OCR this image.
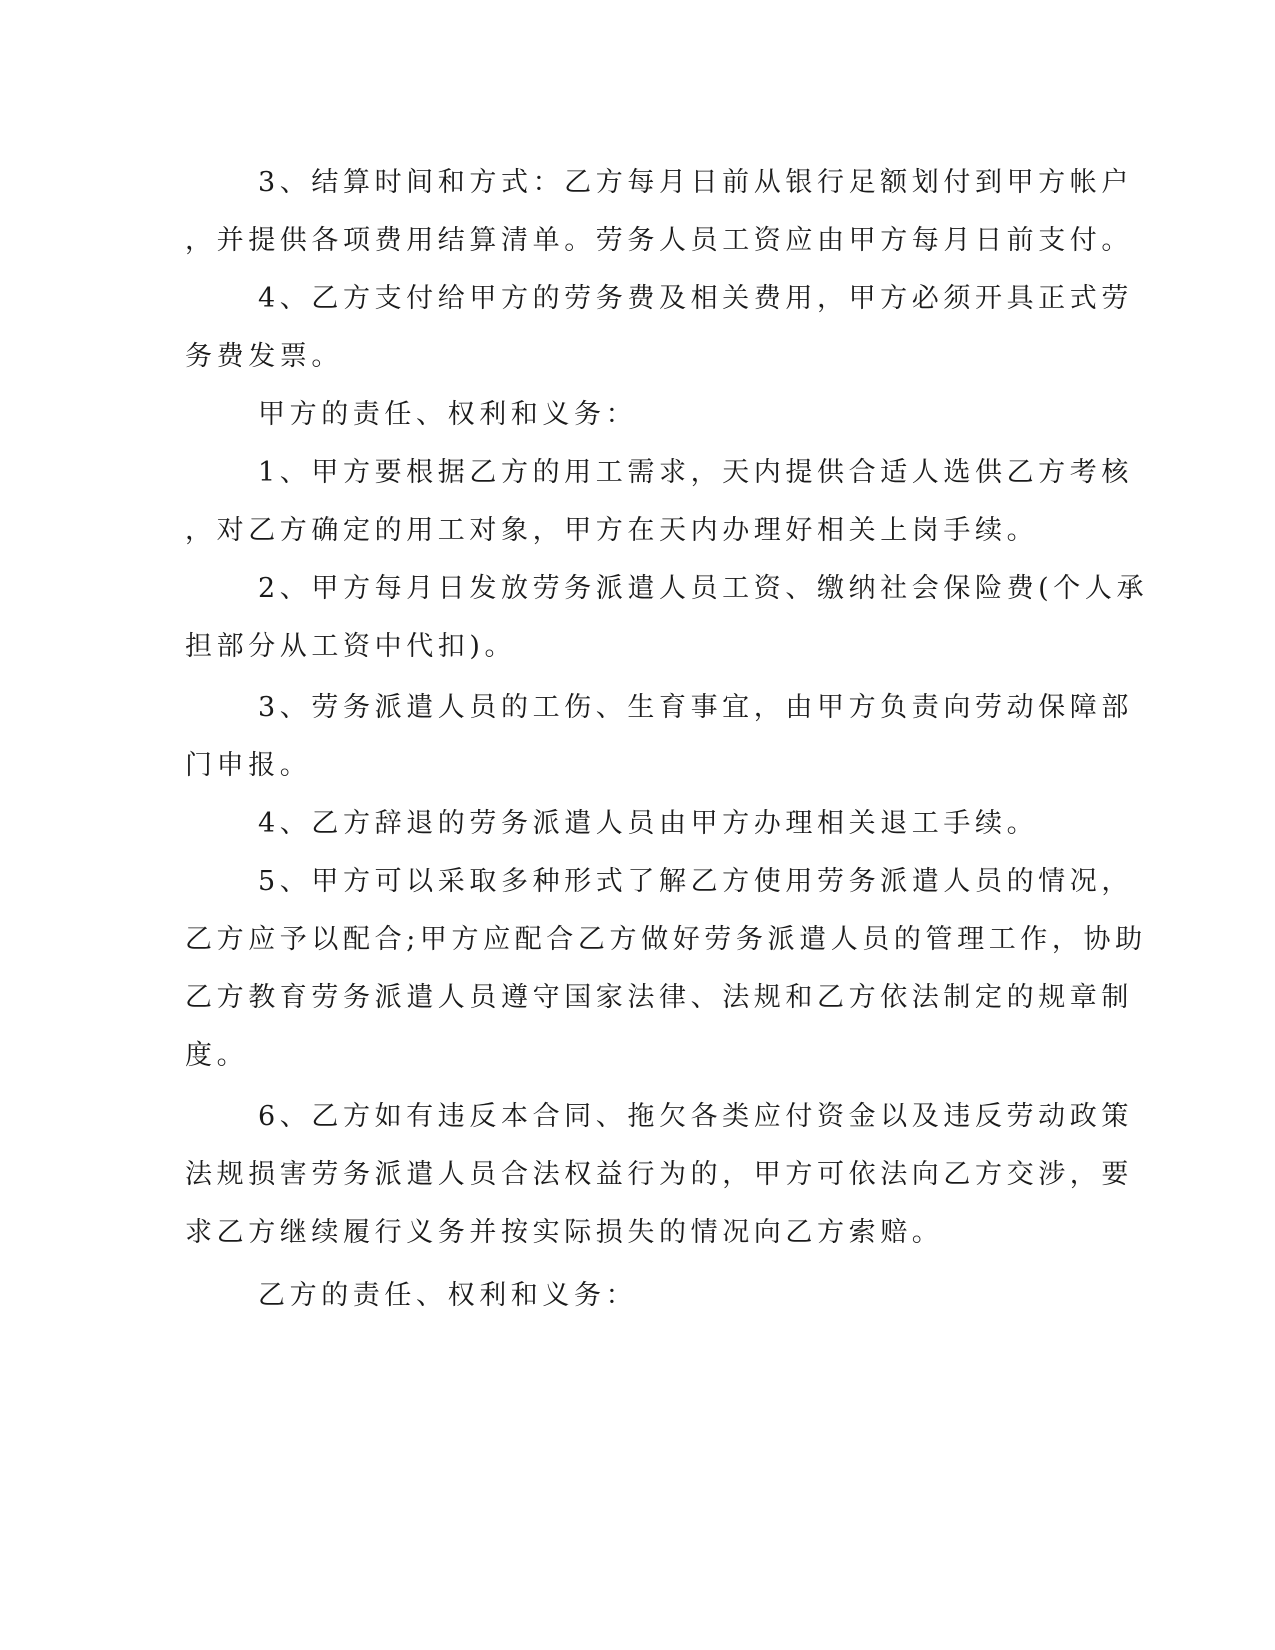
3、结算时间和方式：乙方每月日前从银行足额划付到甲方帐户

，并提供各项费用结算清单。劳务人员工资应由甲方每月日前支付。

4、乙方支付给甲方的劳务费及相关费用，甲方必须开具正式劳

务费发票。

甲方的责任、权利和义务：

1、甲方要根据乙方的用工需求，天内提供合适人选供乙方考核

，对乙方确定的用工对象，甲方在天内办理好相关上岗手续。

2、甲方每月日发放劳务派遣人员工资、缴纳社会保险费(个人承

担部分从工资中代扣)。

3、劳务派遣人员的工伤、生育事宜，由甲方负责向劳动保障部

门申报。

4、乙方辞退的劳务派遣人员由甲方办理相关退工手续。

5、甲方可以采取多种形式了解乙方使用劳务派遣人员的情况，

乙方应予以配合;甲方应配合乙方做好劳务派遣人员的管理工作，协助

乙方教育劳务派遣人员遵守国家法律、法规和乙方依法制定的规章制

度。

6、乙方如有违反本合同、拖欠各类应付资金以及违反劳动政策

法规损害劳务派遣人员合法权益行为的，甲方可依法向乙方交涉，要

求乙方继续履行义务并按实际损失的情况向乙方索赔。

乙方的责任、权利和义务：
